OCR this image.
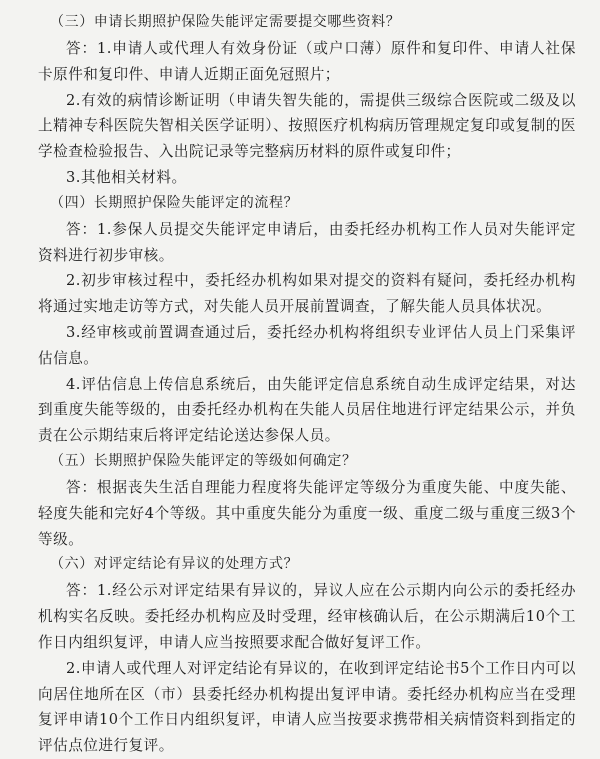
（三）申请长期照护保险失能评定需要提交哪些资料？

答：1.申请人或代理人有效身份证（或户口薄）原件和复印件、申请人社保卡原件和复印件、申请人近期正面免冠照片；

2.有效的病情诊断证明（申请失智失能的，需提供三级综合医院或二级及以上精神专科医院失智相关医学证明）、按照医疗机构病历管理规定复印或复制的医学检查检验报告、入出院记录等完整病历材料的原件或复印件；

3.其他相关材料。

（四）长期照护保险失能评定的流程？

答：1.参保人员提交失能评定申请后，由委托经办机构工作人员对失能评定资料进行初步审核。

2.初步审核过程中，委托经办机构如果对提交的资料有疑问，委托经办机构将通过实地走访等方式，对失能人员开展前置调查，了解失能人员具体状况。

3.经审核或前置调查通过后，委托经办机构将组织专业评估人员上门采集评估信息。

4.评估信息上传信息系统后，由失能评定信息系统自动生成评定结果，对达到重度失能等级的，由委托经办机构在失能人员居住地进行评定结果公示，并负责在公示期结束后将评定结论送达参保人员。

（五）长期照护保险失能评定的等级如何确定？

答：根据丧失生活自理能力程度将失能评定等级分为重度失能、中度失能、轻度失能和完好4个等级。其中重度失能分为重度一级、重度二级与重度三级3个等级。

（六）对评定结论有异议的处理方式？

答：1.经公示对评定结果有异议的，异议人应在公示期内向公示的委托经办机构实名反映。委托经办机构应及时受理，经审核确认后，在公示期满后10个工作日内组织复评，申请人应当按照要求配合做好复评工作。

2.申请人或代理人对评定结论有异议的，在收到评定结论书5个工作日内可以向居住地所在区（市）县委托经办机构提出复评申请。委托经办机构应当在受理复评申请10个工作日内组织复评，申请人应当按要求携带相关病情资料到指定的评估点位进行复评。
